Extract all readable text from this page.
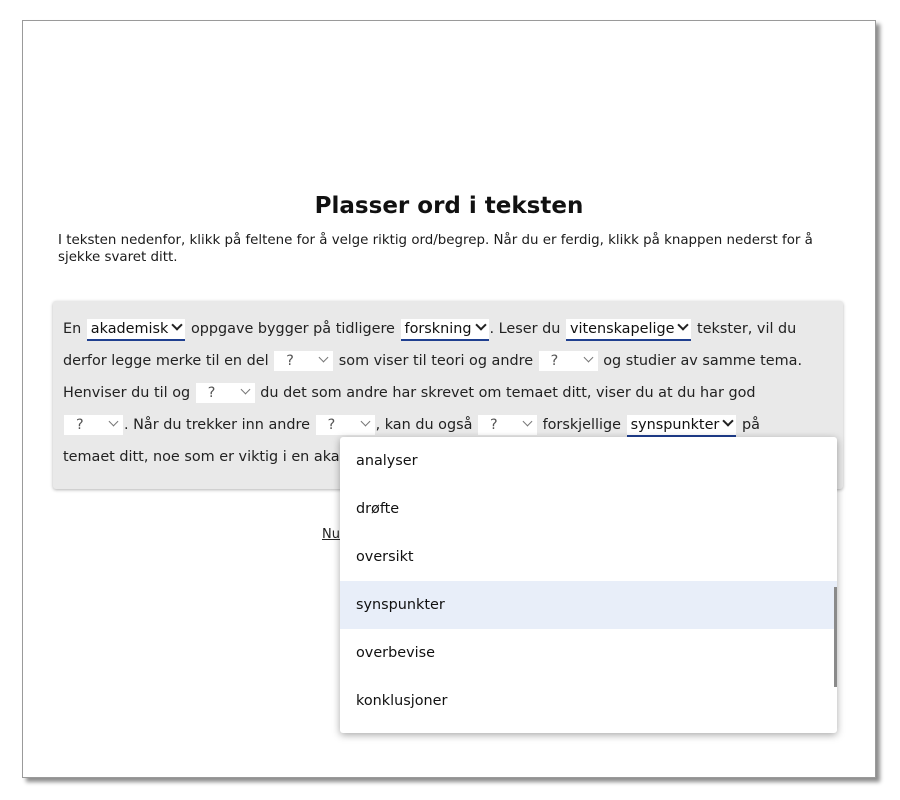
Plasser ord i teksten
I teksten nedenfor, klikk på feltene for å velge riktig ord/begrep. Når du er ferdig, klikk på knappen nederst for å sjekke svaret ditt.
En akademisk oppgave bygger på tidligere forskning . Leser du vitenskapelige tekster, vil du
derfor legge merke til en del ?	som viser til teori og andre ?	og studier av samme tema.
Henviser du til og ?	du det som andre har skrevet om temaet ditt, viser du at du har god
?	. Når du trekker inn andre ?	, kan du også ?	forskjellige synspunkter på
temaet ditt, noe som er viktig i en aka
Nu
analyser
drøfte
oversikt
synspunkter
overbevise
konklusjoner
